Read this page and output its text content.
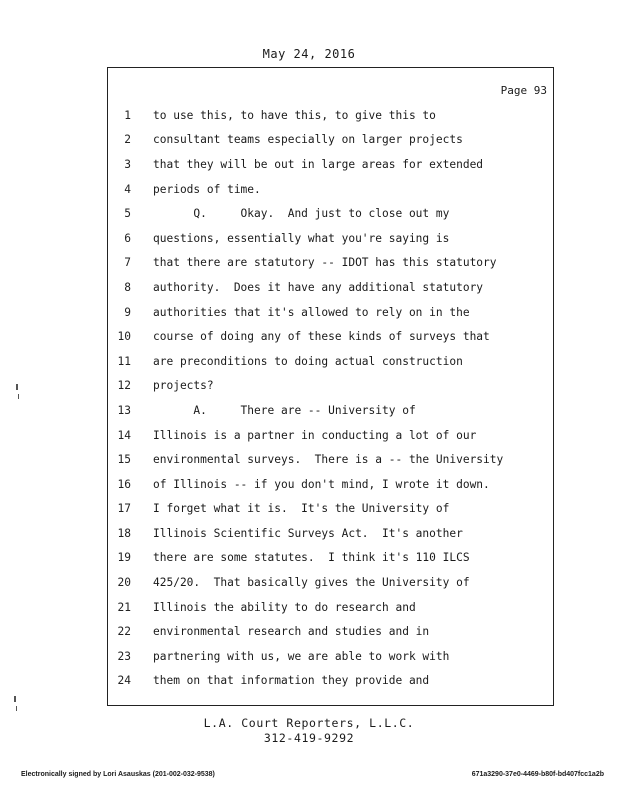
May 24, 2016
Page 93
1 to use this, to have this, to give this to
2 consultant teams especially on larger projects
3 that they will be out in large areas for extended
4 periods of time.
5 Q.     Okay.  And just to close out my
6 questions, essentially what you're saying is
7 that there are statutory -- IDOT has this statutory
8 authority.  Does it have any additional statutory
9 authorities that it's allowed to rely on in the
10 course of doing any of these kinds of surveys that
11 are preconditions to doing actual construction
12 projects?
13 A.     There are -- University of
14 Illinois is a partner in conducting a lot of our
15 environmental surveys.  There is a -- the University
16 of Illinois -- if you don't mind, I wrote it down.
17 I forget what it is.  It's the University of
18 Illinois Scientific Surveys Act.  It's another
19 there are some statutes.  I think it's 110 ILCS
20 425/20.  That basically gives the University of
21 Illinois the ability to do research and
22 environmental research and studies and in
23 partnering with us, we are able to work with
24 them on that information they provide and
L.A. Court Reporters, L.L.C.
312-419-9292
Electronically signed by Lori Asauskas (201-002-032-9538)	671a3290-37e0-4469-b80f-bd407fcc1a2b
